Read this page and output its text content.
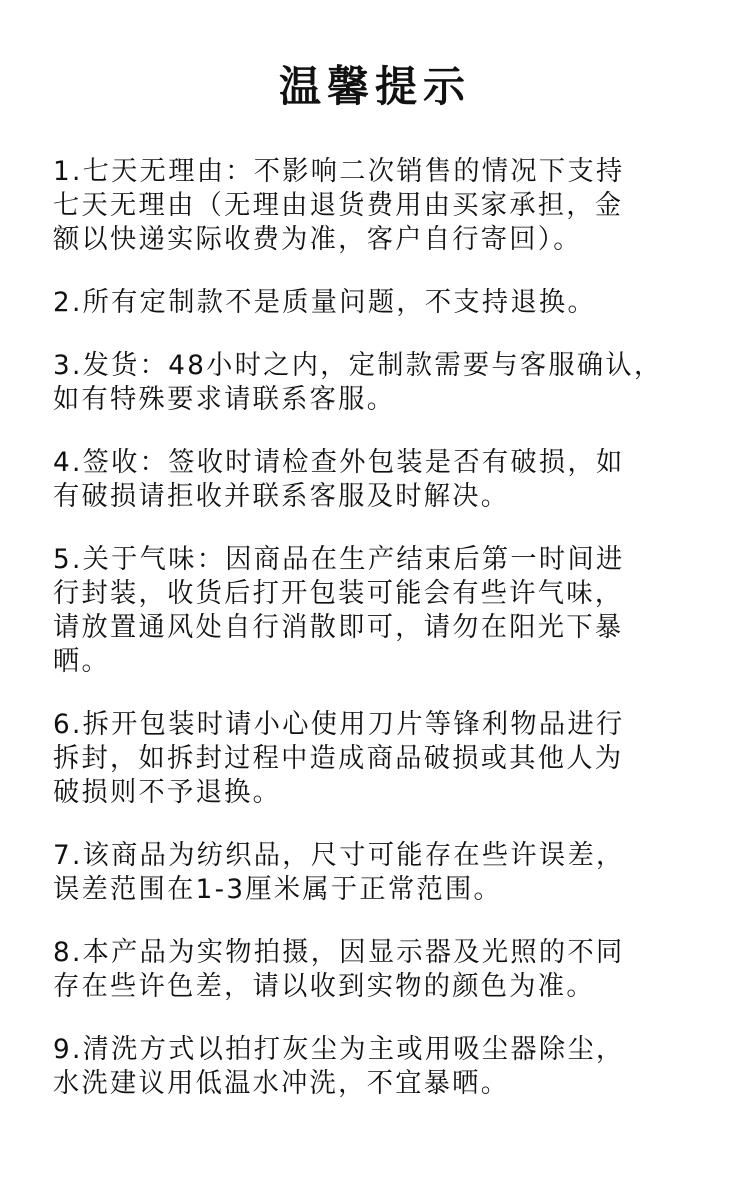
温馨提示
1.七天无理由：不影响二次销售的情况下支持
七天无理由（无理由退货费用由买家承担，金
额以快递实际收费为准，客户自行寄回）。
2.所有定制款不是质量问题，不支持退换。
3.发货：48小时之内，定制款需要与客服确认，
如有特殊要求请联系客服。
4.签收：签收时请检查外包装是否有破损，如
有破损请拒收并联系客服及时解决。
5.关于气味：因商品在生产结束后第一时间进
行封装，收货后打开包装可能会有些许气味，
请放置通风处自行消散即可，请勿在阳光下暴
晒。
6.拆开包装时请小心使用刀片等锋利物品进行
拆封，如拆封过程中造成商品破损或其他人为
破损则不予退换。
7.该商品为纺织品，尺寸可能存在些许误差，
误差范围在1-3厘米属于正常范围。
8.本产品为实物拍摄，因显示器及光照的不同
存在些许色差，请以收到实物的颜色为准。
9.清洗方式以拍打灰尘为主或用吸尘器除尘，
水洗建议用低温水冲洗，不宜暴晒。
